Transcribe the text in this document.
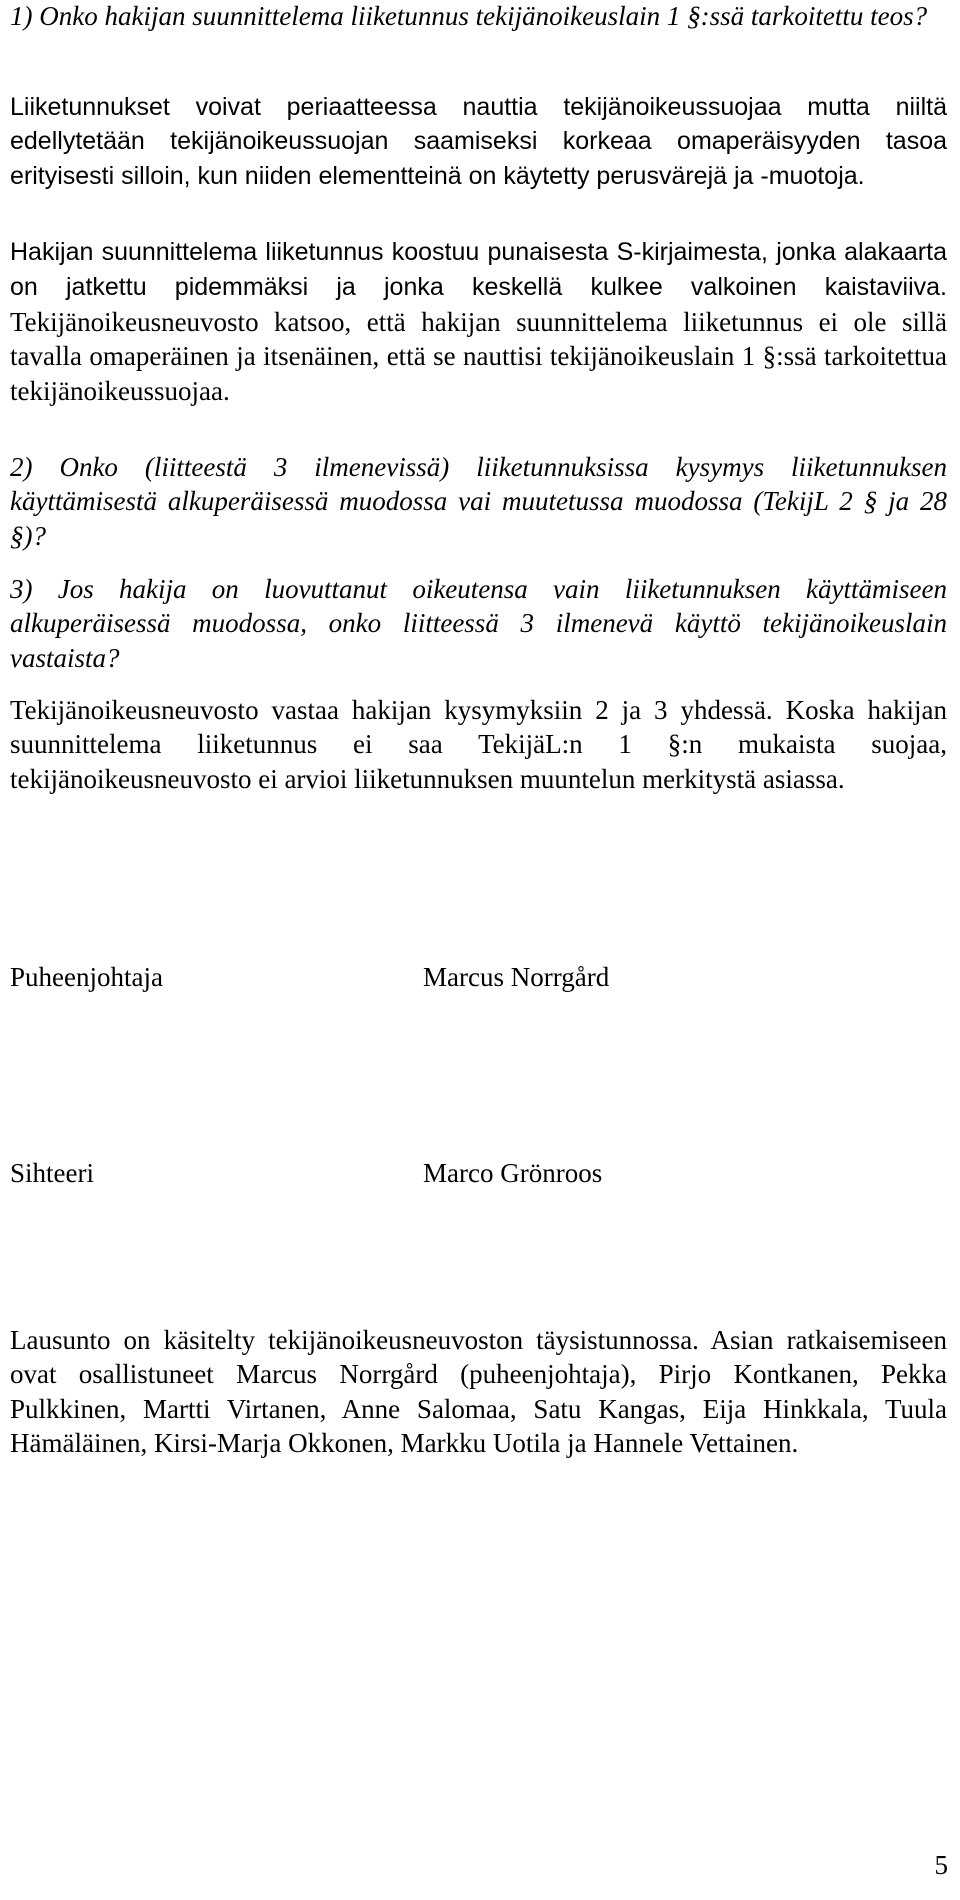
1) Onko hakijan suunnittelema liiketunnus tekijänoikeuslain 1 §:ssä tarkoitettu teos?

Liiketunnukset voivat periaatteessa nauttia tekijänoikeussuojaa mutta niiltä edellytetään tekijänoikeussuojan saamiseksi korkeaa omaperäisyyden tasoa erityisesti silloin, kun niiden elementteinä on käytetty perusvärejä ja -muotoja.

Hakijan suunnittelema liiketunnus koostuu punaisesta S-kirjaimesta, jonka alakaarta on jatkettu pidemmäksi ja jonka keskellä kulkee valkoinen kaistaviiva. Tekijänoikeusneuvosto katsoo, että hakijan suunnittelema liiketunnus ei ole sillä tavalla omaperäinen ja itsenäinen, että se nauttisi tekijänoikeuslain 1 §:ssä tarkoitettua tekijänoikeussuojaa.

2) Onko (liitteestä 3 ilmenevissä) liiketunnuksissa kysymys liiketunnuksen käyttämisestä alkuperäisessä muodossa vai muutetussa muodossa (TekijL 2 § ja 28 §)?

3) Jos hakija on luovuttanut oikeutensa vain liiketunnuksen käyttämiseen alkuperäisessä muodossa, onko liitteessä 3 ilmenevä käyttö tekijänoikeuslain vastaista?

Tekijänoikeusneuvosto vastaa hakijan kysymyksiin 2 ja 3 yhdessä. Koska hakijan suunnittelema liiketunnus ei saa TekijäL:n 1 §:n mukaista suojaa, tekijänoikeusneuvosto ei arvioi liiketunnuksen muuntelun merkitystä asiassa.

Puheenjohtaja	Marcus Norrgård

Sihteeri	Marco Grönroos

Lausunto on käsitelty tekijänoikeusneuvoston täysistunnossa. Asian ratkaisemiseen ovat osallistuneet Marcus Norrgård (puheenjohtaja), Pirjo Kontkanen, Pekka Pulkkinen, Martti Virtanen, Anne Salomaa, Satu Kangas, Eija Hinkkala, Tuula Hämäläinen, Kirsi-Marja Okkonen, Markku Uotila ja Hannele Vettainen.

5
